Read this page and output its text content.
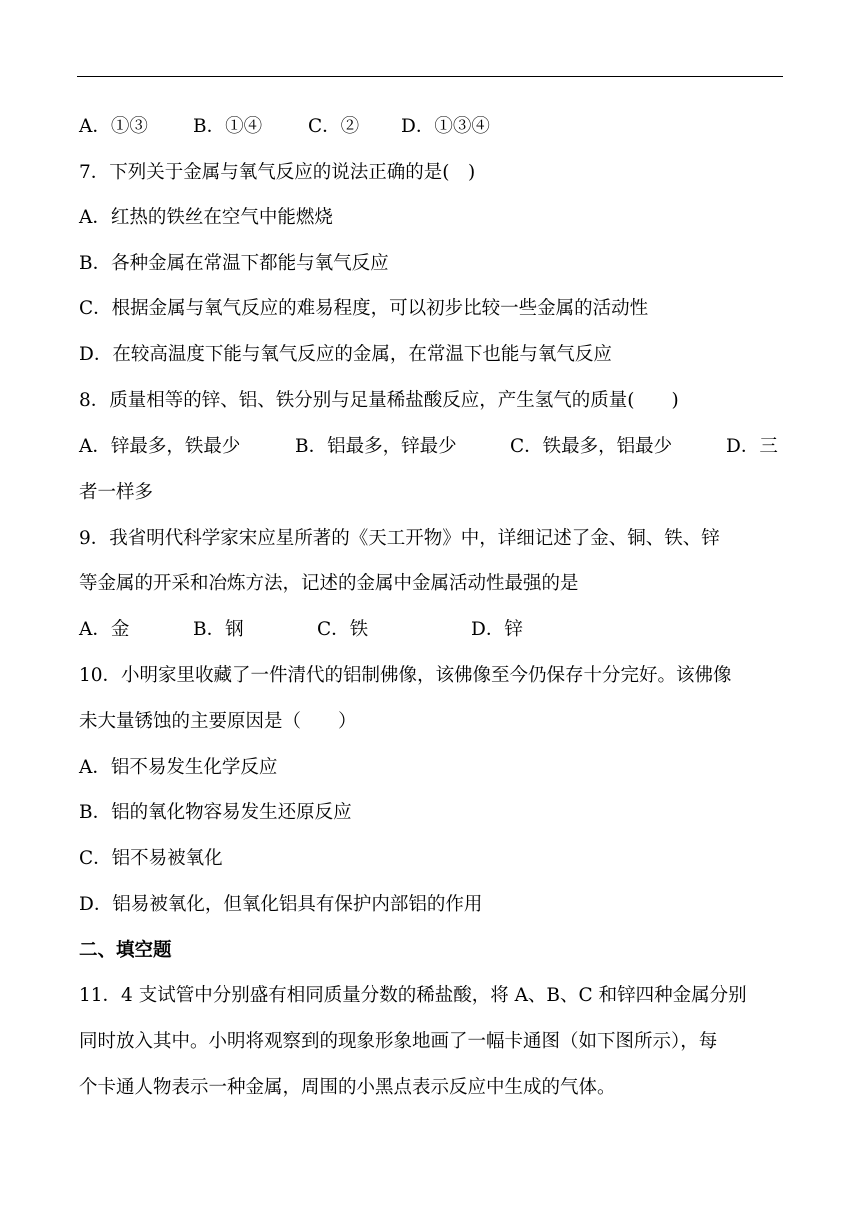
A．①③ B．①④ C．② D．①③④
7．下列关于金属与氧气反应的说法正确的是(　)
A．红热的铁丝在空气中能燃烧
B．各种金属在常温下都能与氧气反应
C．根据金属与氧气反应的难易程度，可以初步比较一些金属的活动性
D．在较高温度下能与氧气反应的金属，在常温下也能与氧气反应
8．质量相等的锌、铝、铁分别与足量稀盐酸反应，产生氢气的质量(　　)
A．锌最多，铁最少	B．铝最多，锌最少	C．铁最多，铝最少	D．三
者一样多
9．我省明代科学家宋应星所著的《天工开物》中，详细记述了金、铜、铁、锌
等金属的开采和冶炼方法，记述的金属中金属活动性最强的是
A．金	B．钢	C．铁	D．锌
10．小明家里收藏了一件清代的铝制佛像，该佛像至今仍保存十分完好。该佛像
未大量锈蚀的主要原因是（　　）
A．铝不易发生化学反应
B．铝的氧化物容易发生还原反应
C．铝不易被氧化
D．铝易被氧化，但氧化铝具有保护内部铝的作用
二、填空题
11．4 支试管中分别盛有相同质量分数的稀盐酸，将 A、B、C 和锌四种金属分别
同时放入其中。小明将观察到的现象形象地画了一幅卡通图（如下图所示），每
个卡通人物表示一种金属，周围的小黑点表示反应中生成的气体。
